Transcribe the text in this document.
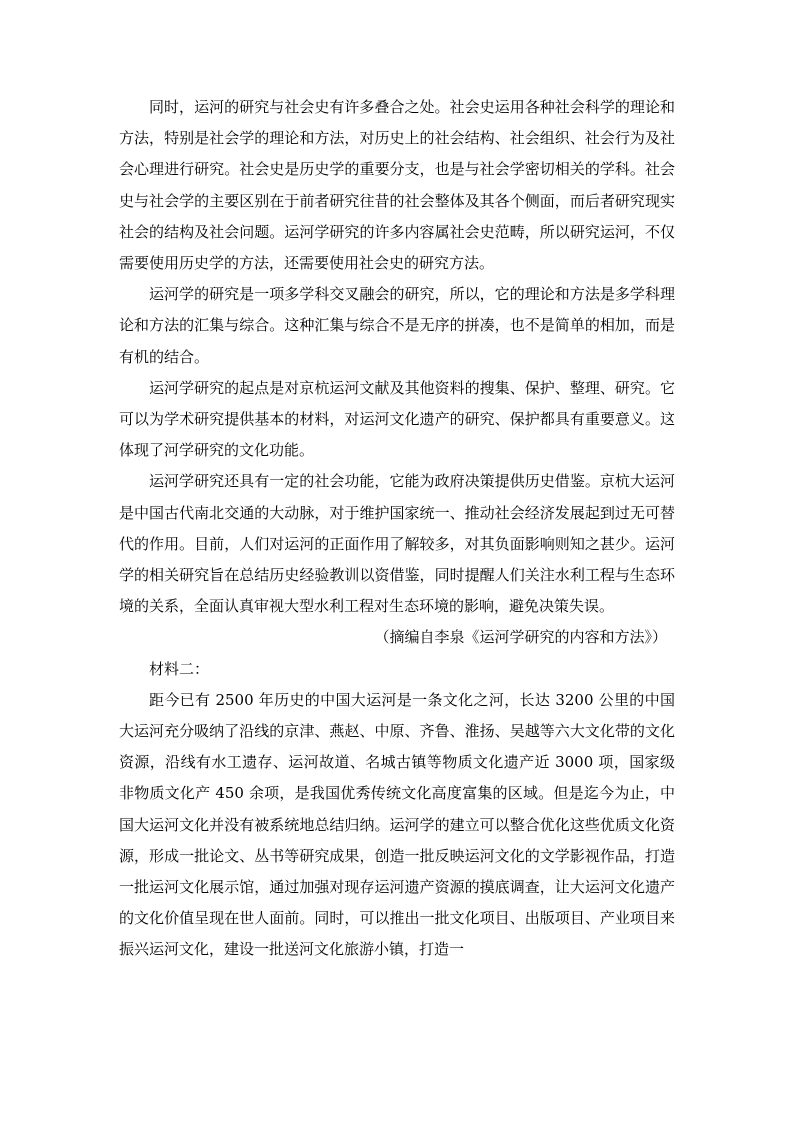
同时，运河的研究与社会史有许多叠合之处。社会史运用各种社会科学的理论和方法，特别是社会学的理论和方法，对历史上的社会结构、社会组织、社会行为及社会心理进行研究。社会史是历史学的重要分支，也是与社会学密切相关的学科。社会史与社会学的主要区别在于前者研究往昔的社会整体及其各个侧面，而后者研究现实社会的结构及社会问题。运河学研究的许多内容属社会史范畴，所以研究运河，不仅需要使用历史学的方法，还需要使用社会史的研究方法。

运河学的研究是一项多学科交叉融会的研究，所以，它的理论和方法是多学科理论和方法的汇集与综合。这种汇集与综合不是无序的拼凑，也不是简单的相加，而是有机的结合。

运河学研究的起点是对京杭运河文献及其他资料的搜集、保护、整理、研究。它可以为学术研究提供基本的材料，对运河文化遗产的研究、保护都具有重要意义。这体现了河学研究的文化功能。

运河学研究还具有一定的社会功能，它能为政府决策提供历史借鉴。京杭大运河是中国古代南北交通的大动脉，对于维护国家统一、推动社会经济发展起到过无可替代的作用。目前，人们对运河的正面作用了解较多，对其负面影响则知之甚少。运河学的相关研究旨在总结历史经验教训以资借鉴，同时提醒人们关注水利工程与生态环境的关系，全面认真审视大型水利工程对生态环境的影响，避免决策失误。

（摘编自李泉《运河学研究的内容和方法》）

材料二：

距今已有 2500 年历史的中国大运河是一条文化之河，长达 3200 公里的中国大运河充分吸纳了沿线的京津、燕赵、中原、齐鲁、淮扬、吴越等六大文化带的文化资源，沿线有水工遗存、运河故道、名城古镇等物质文化遗产近 3000 项，国家级非物质文化产 450 余项，是我国优秀传统文化高度富集的区域。但是迄今为止，中国大运河文化并没有被系统地总结归纳。运河学的建立可以整合优化这些优质文化资源，形成一批论文、丛书等研究成果，创造一批反映运河文化的文学影视作品，打造一批运河文化展示馆，通过加强对现存运河遗产资源的摸底调查，让大运河文化遗产的文化价值呈现在世人面前。同时，可以推出一批文化项目、出版项目、产业项目来振兴运河文化，建设一批送河文化旅游小镇，打造一
